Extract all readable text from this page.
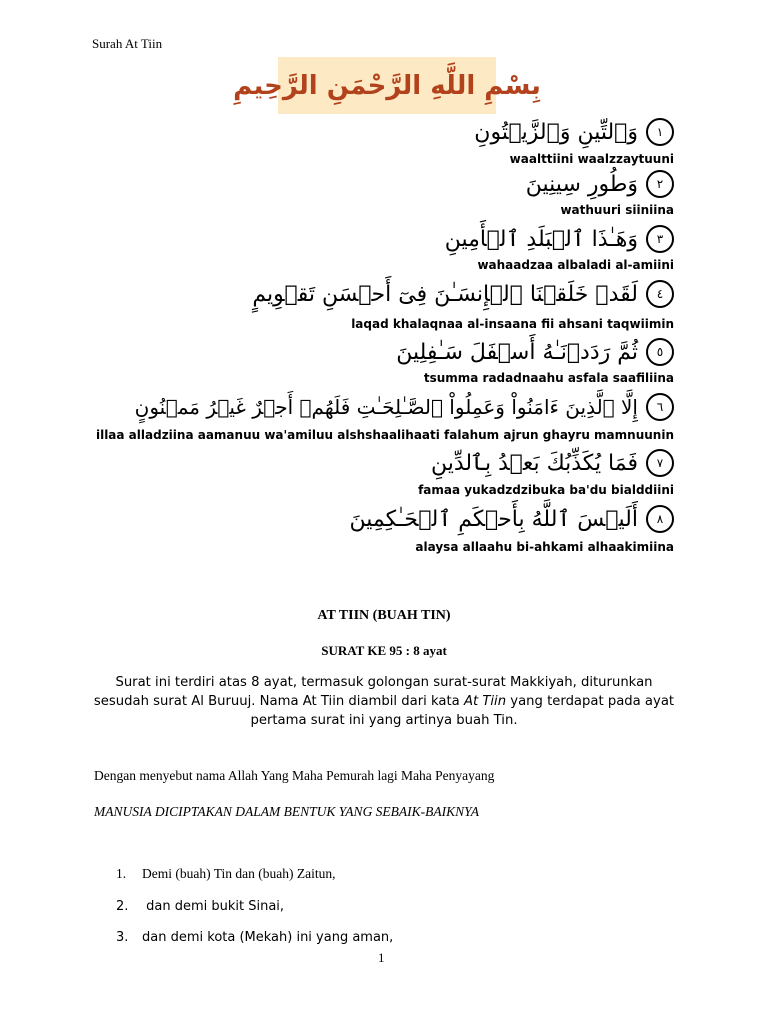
Surah At Tiin
بِسْمِ اللَّهِ الرَّحْمَنِ الرَّحِيمِ
١
وَٱلتِّينِ وَٱلزَّيۡتُونِ
waalttiini waalzzaytuuni
٢
وَطُورِ سِينِينَ
wathuuri siiniina
٣
وَهَـٰذَا ٱلۡبَلَدِ ٱلۡأَمِينِ
wahaadzaa albaladi al-amiini
٤
لَقَدۡ خَلَقۡنَا ٱلۡإِنسَـٰنَ فِىٓ أَحۡسَنِ تَقۡوِيمٍ
laqad khalaqnaa al-insaana fii ahsani taqwiimin
٥
ثُمَّ رَدَدۡنَـٰهُ أَسۡفَلَ سَـٰفِلِينَ
tsumma radadnaahu asfala saafiliina
٦
إِلَّا ٱلَّذِينَ ءَامَنُواْ وَعَمِلُواْ ٱلصَّـٰلِحَـٰتِ فَلَهُمۡ أَجۡرٌ غَيۡرُ مَمۡنُونٍ
illaa alladziina aamanuu wa'amiluu alshshaalihaati falahum ajrun ghayru mamnuunin
٧
فَمَا يُكَذِّبُكَ بَعۡدُ بِٱلدِّينِ
famaa yukadzdzibuka ba'du bialddiini
٨
أَلَيۡسَ ٱللَّهُ بِأَحۡكَمِ ٱلۡحَـٰكِمِينَ
alaysa allaahu bi-ahkami alhaakimiina
AT TIIN (BUAH TIN)
SURAT KE 95 : 8 ayat
Surat ini terdiri atas 8 ayat, termasuk golongan surat-surat Makkiyah, diturunkan sesudah surat Al Buruuj. Nama At Tiin diambil dari kata At Tiin yang terdapat pada ayat pertama surat ini yang artinya buah Tin.
Dengan menyebut nama Allah Yang Maha Pemurah lagi Maha Penyayang
MANUSIA DICIPTAKAN DALAM BENTUK YANG SEBAIK-BAIKNYA
1. Demi (buah) Tin dan (buah) Zaitun,
2. dan demi bukit Sinai,
3. dan demi kota (Mekah) ini yang aman,
1
